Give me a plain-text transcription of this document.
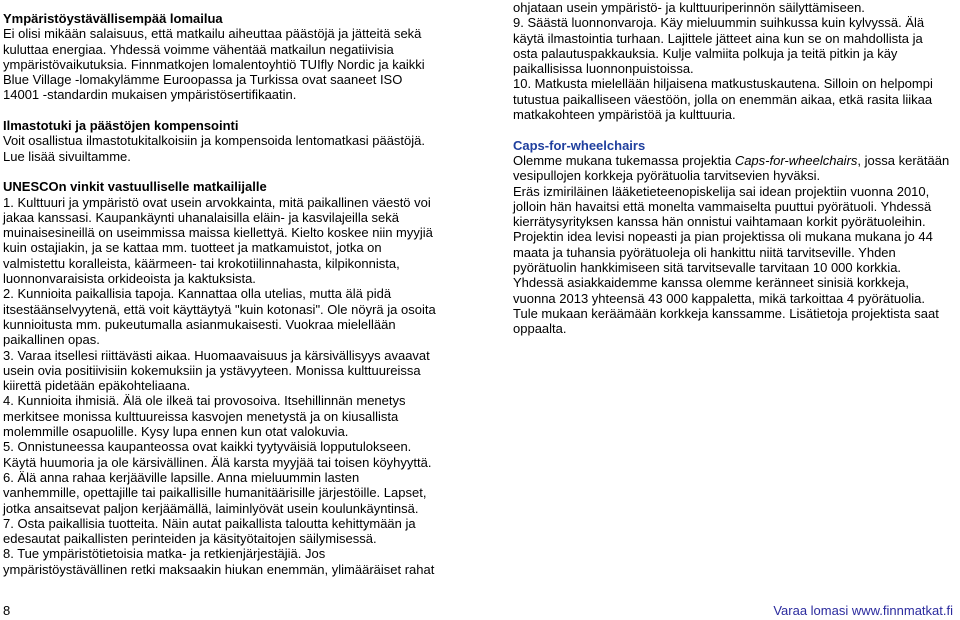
Ympäristöystävällisempää lomailua
Ei olisi mikään salaisuus, että matkailu aiheuttaa päästöjä ja jätteitä sekä
kuluttaa energiaa. Yhdessä voimme vähentää matkailun negatiivisia
ympäristövaikutuksia. Finnmatkojen lomalentoyhtiö TUIfly Nordic ja kaikki
Blue Village -lomakylämme Euroopassa ja Turkissa ovat saaneet ISO
14001 -standardin mukaisen ympäristösertifikaatin.
Ilmastotuki ja päästöjen kompensointi
Voit osallistua ilmastotukitalkoisiin ja kompensoida lentomatkasi päästöjä.
Lue lisää sivuiltamme.
UNESCOn vinkit vastuulliselle matkailijalle
1. Kulttuuri ja ympäristö ovat usein arvokkainta, mitä paikallinen väestö voi
jakaa kanssasi. Kaupankäynti uhanalaisilla eläin- ja kasvilajeilla sekä
muinaisesineillä on useimmissa maissa kiellettyä. Kielto koskee niin myyjiä
kuin ostajiakin, ja se kattaa mm. tuotteet ja matkamuistot, jotka on
valmistettu koralleista, käärmeen- tai krokotiilinnahasta, kilpikonnista,
luonnonvaraisista orkideoista ja kaktuksista.
2. Kunnioita paikallisia tapoja. Kannattaa olla utelias, mutta älä pidä
itsestäänselvyytenä, että voit käyttäytyä "kuin kotonasi". Ole nöyrä ja osoita
kunnioitusta mm. pukeutumalla asianmukaisesti. Vuokraa mielellään
paikallinen opas.
3. Varaa itsellesi riittävästi aikaa. Huomaavaisuus ja kärsivällisyys avaavat
usein ovia positiivisiin kokemuksiin ja ystävyyteen. Monissa kulttuureissa
kiirettä pidetään epäkohteliaana.
4. Kunnioita ihmisiä. Älä ole ilkeä tai provosoiva. Itsehillinnän menetys
merkitsee monissa kulttuureissa kasvojen menetystä ja on kiusallista
molemmille osapuolille. Kysy lupa ennen kun otat valokuvia.
5. Onnistuneessa kaupanteossa ovat kaikki tyytyväisiä lopputulokseen.
Käytä huumoria ja ole kärsivällinen. Älä karsta myyjää tai toisen köyhyyttä.
6. Älä anna rahaa kerjääville lapsille. Anna mieluummin lasten
vanhemmille, opettajille tai paikallisille humanitäärisille järjestöille. Lapset,
jotka ansaitsevat paljon kerjäämällä, laiminlyövät usein koulunkäyntinsä.
7. Osta paikallisia tuotteita. Näin autat paikallista taloutta kehittymään ja
edesautat paikallisten perinteiden ja käsityötaitojen säilymisessä.
8. Tue ympäristötietoisia matka- ja retkienjärjestäjiä. Jos
ympäristöystävällinen retki maksaakin hiukan enemmän, ylimääräiset rahat
ohjataan usein ympäristö- ja kulttuuriperinnön säilyttämiseen.
9. Säästä luonnonvaroja. Käy mieluummin suihkussa kuin kylvyssä. Älä
käytä ilmastointia turhaan. Lajittele jätteet aina kun se on mahdollista ja
osta palautuspakkauksia. Kulje valmiita polkuja ja teitä pitkin ja käy
paikallisissa luonnonpuistoissa.
10. Matkusta mielellään hiljaisena matkustuskautena. Silloin on helpompi
tutustua paikalliseen väestöön, jolla on enemmän aikaa, etkä rasita liikaa
matkakohteen ympäristöä ja kulttuuria.
Caps-for-wheelchairs
Olemme mukana tukemassa projektia Caps-for-wheelchairs, jossa kerätään
vesipullojen korkkeja pyörätuolia tarvitsevien hyväksi.
Eräs izmiriläinen lääketieteenopiskelija sai idean projektiin vuonna 2010,
jolloin hän havaitsi että monelta vammaiselta puuttui pyörätuoli. Yhdessä
kierrätysyrityksen kanssa hän onnistui vaihtamaan korkit pyörätuoleihin.
Projektin idea levisi nopeasti ja pian projektissa oli mukana mukana jo 44
maata ja tuhansia pyörätuoleja oli hankittu niitä tarvitseville. Yhden
pyörätuolin hankkimiseen sitä tarvitsevalle tarvitaan 10 000 korkkia.
Yhdessä asiakkaidemme kanssa olemme keränneet sinisiä korkkeja,
vuonna 2013 yhteensä 43 000 kappaletta, mikä tarkoittaa 4 pyörätuolia.
Tule mukaan keräämään korkkeja kanssamme. Lisätietoja projektista saat
oppaalta.
8	Varaa lomasi www.finnmatkat.fi
